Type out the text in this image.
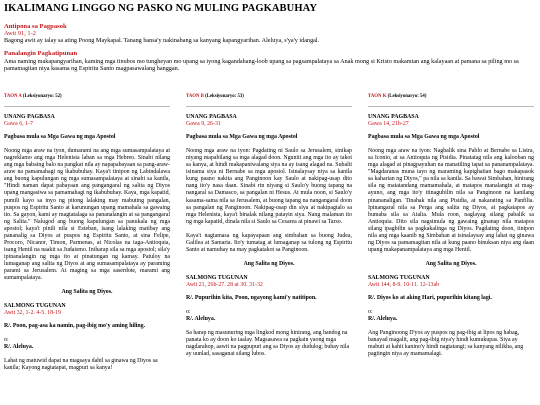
IKALIMANG LINGGO NG PASKO NG MULING PAGKABUHAY
Antipona sa Pagpasok
Awit 91, 1-2
Bagong awit ay ialay sa ating Poong Maykapal. Tanang bansa'y nakinabang sa kanyang kapangyarihan. Aleluya, s'ya'y idangal.
Panalangin Pagkatipunan
Ama naming makapangyarihan, kaming mga tinubos mo tungheyan mo upang sa iyong kagandahang-loob upang sa pagsampalataya sa Anak mong si Kristo makamtan ang kalayaan at pamana sa piling mo sa pamamagitan niya kasama ng Espiritu Santo magpasawalang hanggan.
TAON A (Leksiyonaryo: 52)

UNANG PAGBASA

Gawa 6, 1-7

Pagbasa mula sa Mga Gawa ng mga Apostol

Noong mga araw na iyon, dumarami na ang mga sumasampalataya at nagreklamo ang mga Helenista laban sa mga Hebreo. Sinabi nilang ang mga babaing balo na pangkat nila ay napapabayaan sa pang-araw-araw na pamamahagi ng ikabubuhay. Kaya't tinipon ng Labindalawa ang buong kapulungan ng mga sumasampalataya at sinabi sa kanila, "Hindi naman dapat pabayaan ang pangangaral ng salita ng Diyos upang mangasiwa sa pamamahagi ng ikabubuhay. Kaya, mga kapatid, pumili kayo sa inyo ng pitong lalaking may mabuting pangalan, puspos ng Espiritu Santo at karunungan upang mamahala sa gawaing ito. Sa gayon, kami ay magtatalaga sa pananalangin at sa pangangaral ng Salita." Nalugod ang buong kapulungan sa panukala ng mga apostol; kaya't pinili nila si Esteban, isang lalaking matibay ang pananalig sa Diyos at puspos ng Espiritu Santo, at sina Felipe, Procoro, Nicanor, Timon, Parmenas, at Nicolas na taga-Antioquia, isang Hentil na naakit sa Judaismo. Iniharap sila sa mga apostol; sila'y ipinanalangin ng mga ito at pinatungan ng kamay. Patuloy na lumaganap ang salita ng Diyos at ang sumasampalataya ay paraming parami sa Jerusalem. At maging sa mga saserdote, marami ang sumampalataya.

Ang Salita ng Diyos.

SALMONG TUGUNAN

Awit 32, 1-2. 4-5. 18-19

R/. Poon, pag-asa ka namin, pag-ibig mo'y aming hiling.

o:

R/. Aleluya.

Lahat ng matuwid dapat na magsaya dahil sa ginawa ng Diyos sa kanila; Kayong nagtatapat, magpuri sa kanya!

TAON B (Leksiyonaryo: 53)

UNANG PAGBASA

Gawa 9, 26-31

Pagbasa mula sa Mga Gawa ng mga Apostol

Noong mga araw na iyon: Pagdating ni Saulo sa Jerusalem, sinikap niyang mapabilang sa mga alagad doon. Nguniit ang mga ito ay takot sa kanya, at hindi makapaniwalang siya na ay isang alagad na. Subalit isinama siya ni Bernabe sa mga apostol. Isinalaysay niya sa kanila kung paano nakita ang Panginoon kay Saulo at nakipag-usap dito nang ito'y nasa daan. Sinabi rin niyang si Saulo'y buong tapang na nangaral sa Damasco, sa pangalan ni Hesus. At mula noon, si Saulo'y kasama-sama nila sa Jerusalem, at buong tapang na nangangaral doon sa pangalan ng Panginoon. Nakipag-usap din siya at nakipagtalo sa mga Helenista, kaya't binalak nilang patayin siya. Nang malaman ito ng mga kapatid, dinala nila si Saulo sa Cesarea at pinawi sa Tarso.

Kaya't nagtamasa ng kapayapaan ang simbahan sa buong Judea, Galilea at Samaria. Ito'y tumatag at lumaganap sa tulong ng Espiritu Santo at namuhay na may pagkatakot sa Panginoon.

Ang Salita ng Diyos.

SALMONG TUGUNAN

Awit 21, 26b-27. 28 at 30. 31-32

R/. Pupurihin kita, Poon, ngayong kami'y natitipon.

o:

R/. Aleluya.

Sa harap ng masunuring mga lingkod mong hinirang, ang handog na panata ko ay doon ko iaalay. Magsasawa sa pagkain yaong mga nagdarahop, aawit na pagpupuri ang sa Diyos ay dudulog; buhay nila ay uunlad, sasaganai silang lubos.

TAON K (Leksiyonaryo: 54)

UNANG PAGBASA

Gawa 14, 21b-27

Pagbasa mula sa Mga Gawa ng mga Apostol

Noong mga araw na iyon: Nagbalik sina Pablo at Bernabe sa Listra, sa Iconio, at sa Antioquia ng Pisidia. Pinatatag nila ang kalooban ng mga alagad at pinagpayuhan na manatiling tapat sa pananampalataya. "Magdaranas muna tayo ng maraming kapighatian bago makapasok sa kaharian ng Diyos," pa nila sa kanila. Sa bawat Simbahan, hinirang sila ng matatandang mamamahala, at matapos manalangin at mag-ayuno, ang mga ito'y itinagubilin nila sa Panginoon na kanilang pinananaligan. Tinahak nila ang Pisidia, at nakarating sa Panfilia. Ipinangaral nila sa Perga ang salita ng Diyos, at pagkatapos ay bumaba sila sa Atalia. Mula roon, naglayag silang pabalik sa Antioquia. Dito sila nagsimula ng gawaing ginanap nila matapos silang ipagbilin sa pagkakalinga ng Diyos. Pagdating doon, tinipon nila ang mga kaanib ng Simbahan at isinalaysay ang lahat ng ginawa ng Diyos sa pamamagitan nila at kung paano binuksan niya ang daan upang makapanampalataya ang mga Hentil.

Ang Salita ng Diyos.

SALMONG TUGUNAN

Awit 144, 8-9. 10-11. 12-13ab

R/. Diyos ko at aking Hari, pupurihin kitang lagi.

o:

R/. Aleluya.

Ang Panginoong D'yos ay puspos ng pag-ibig at lipos ng habag, banayad magalit, ang pag-ibig niya'y hindi kumukupas. Siya ay mabuti at kahit kanino'y hindi nagtatangi; sa kanyang nilikha, ang pagtingin niya ay mamamalagi.
